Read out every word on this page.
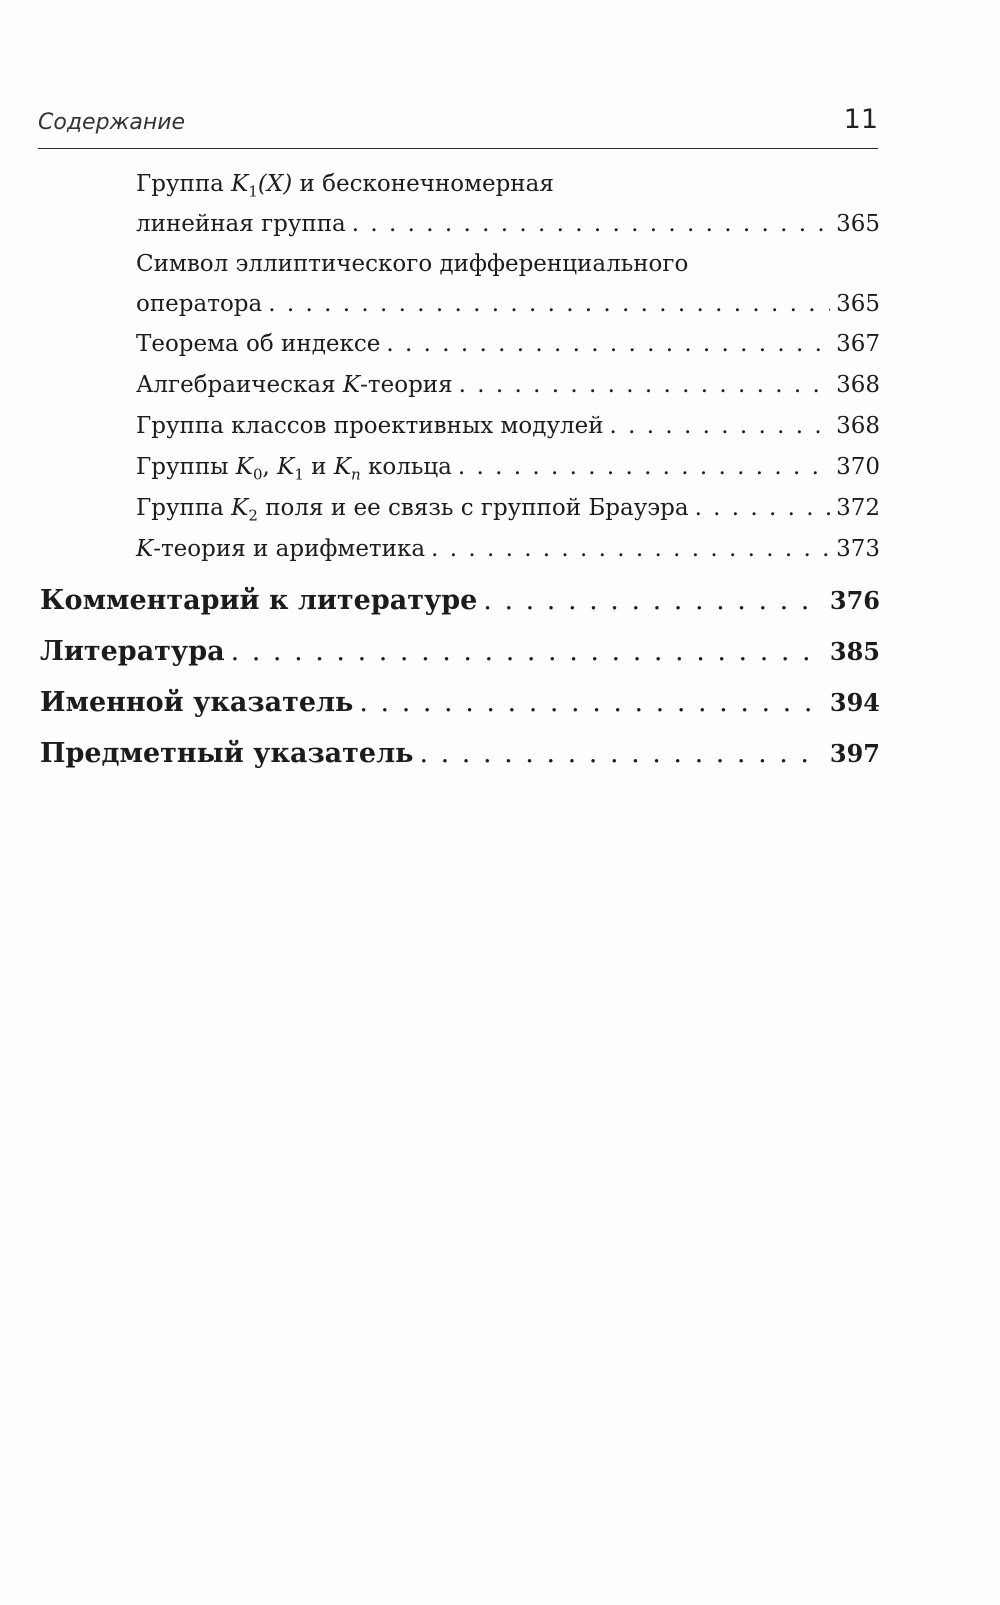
Содержание	11
Группа $K_1(X)$ и бесконечномерная
линейная группа . . .	365
Символ эллиптического дифференциального
оператора . . .	365
Теорема об индексе . . .	367
Алгебраическая K-теория . . .	368
Группа классов проективных модулей . . .	368
Группы $K_0$, $K_1$ и $K_n$ кольца . . .	370
Группа $K_2$ поля и ее связь с группой Брауэра . . .	372
K-теория и арифметика . . .	373
Комментарий к литературе . . .	376
Литература . . .	385
Именной указатель . . .	394
Предметный указатель . . .	397
